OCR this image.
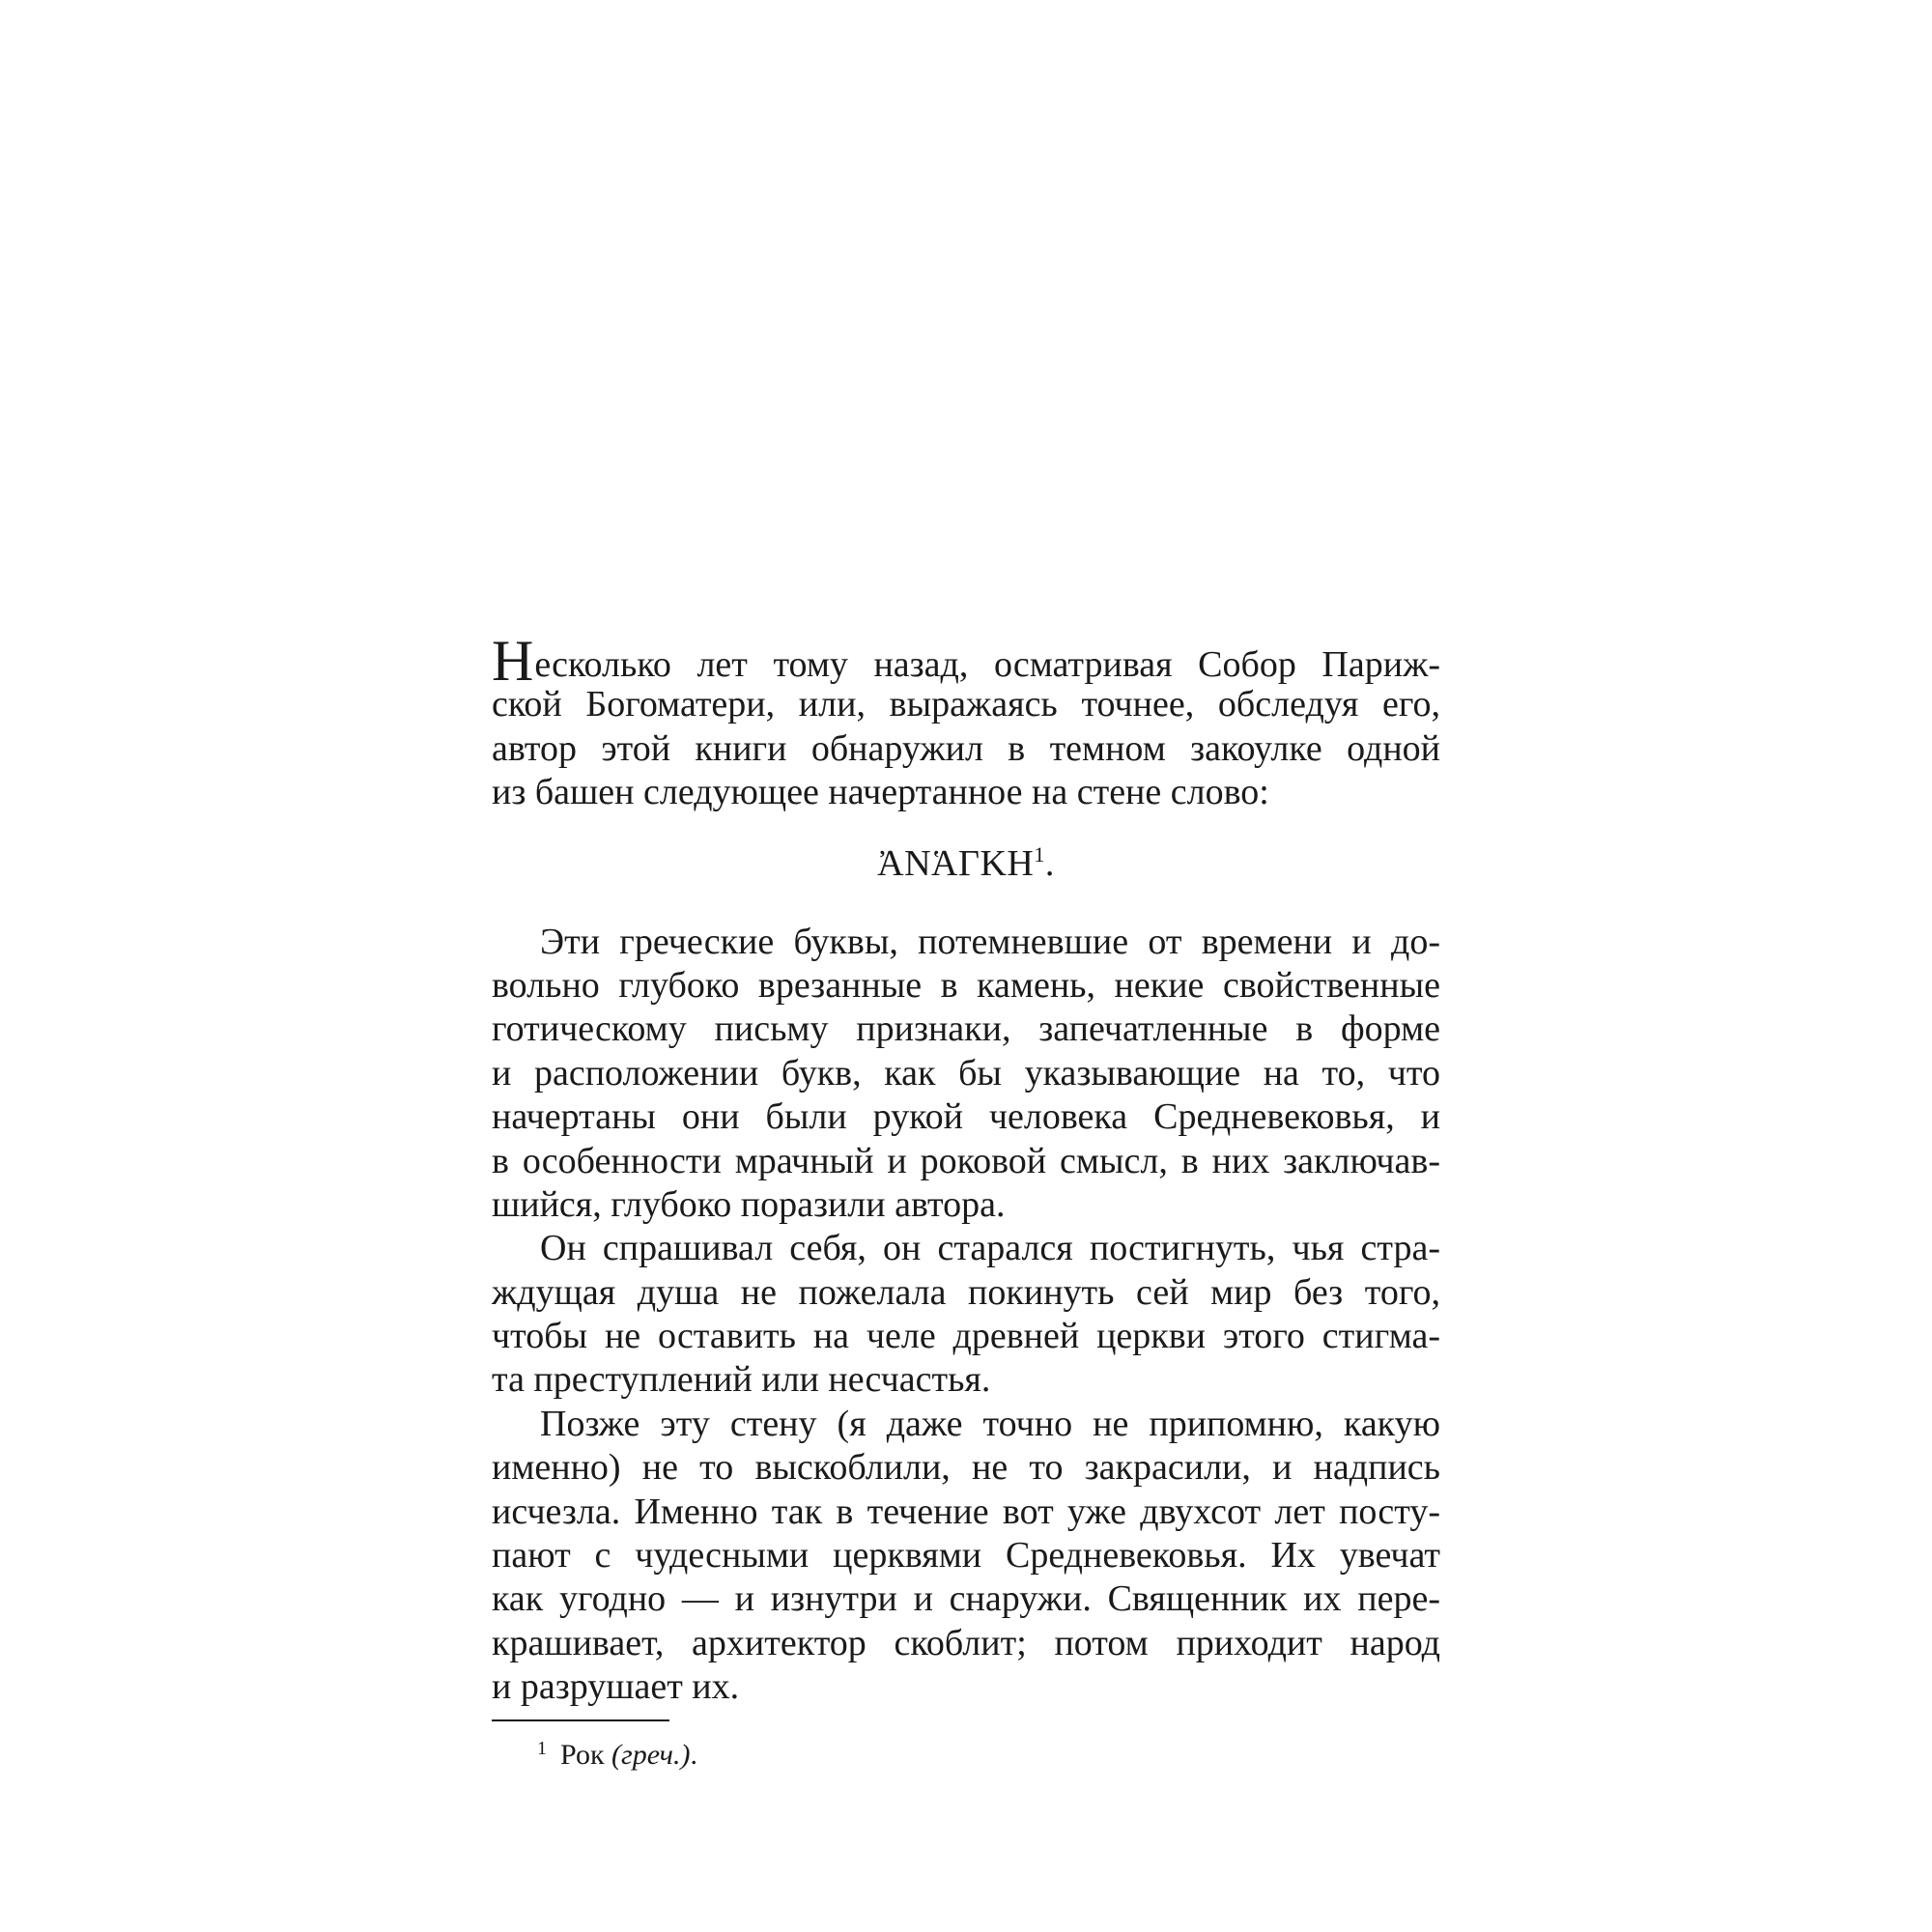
Несколько лет тому назад, осматривая Собор Париж-
ской Богоматери, или, выражаясь точнее, обследуя его,
автор этой книги обнаружил в темном закоулке одной
из башен следующее начертанное на стене слово:
ἈΝἉΓΚΗ$^1$.
Эти греческие буквы, потемневшие от времени и до-
вольно глубоко врезанные в камень, некие свойственные
готическому письму признаки, запечатленные в форме
и расположении букв, как бы указывающие на то, что
начертаны они были рукой человека Средневековья, и
в особенности мрачный и роковой смысл, в них заключав-
шийся, глубоко поразили автора.
Он спрашивал себя, он старался постигнуть, чья стра-
ждущая душа не пожелала покинуть сей мир без того,
чтобы не оставить на челе древней церкви этого стигма-
та преступлений или несчастья.
Позже эту стену (я даже точно не припомню, какую
именно) не то выскоблили, не то закрасили, и надпись
исчезла. Именно так в течение вот уже двухсот лет посту-
пают с чудесными церквями Средневековья. Их увечат
как угодно — и изнутри и снаружи. Священник их пере-
крашивает, архитектор скоблит; потом приходит народ
и разрушает их.
$^1$ Рок (греч.).
